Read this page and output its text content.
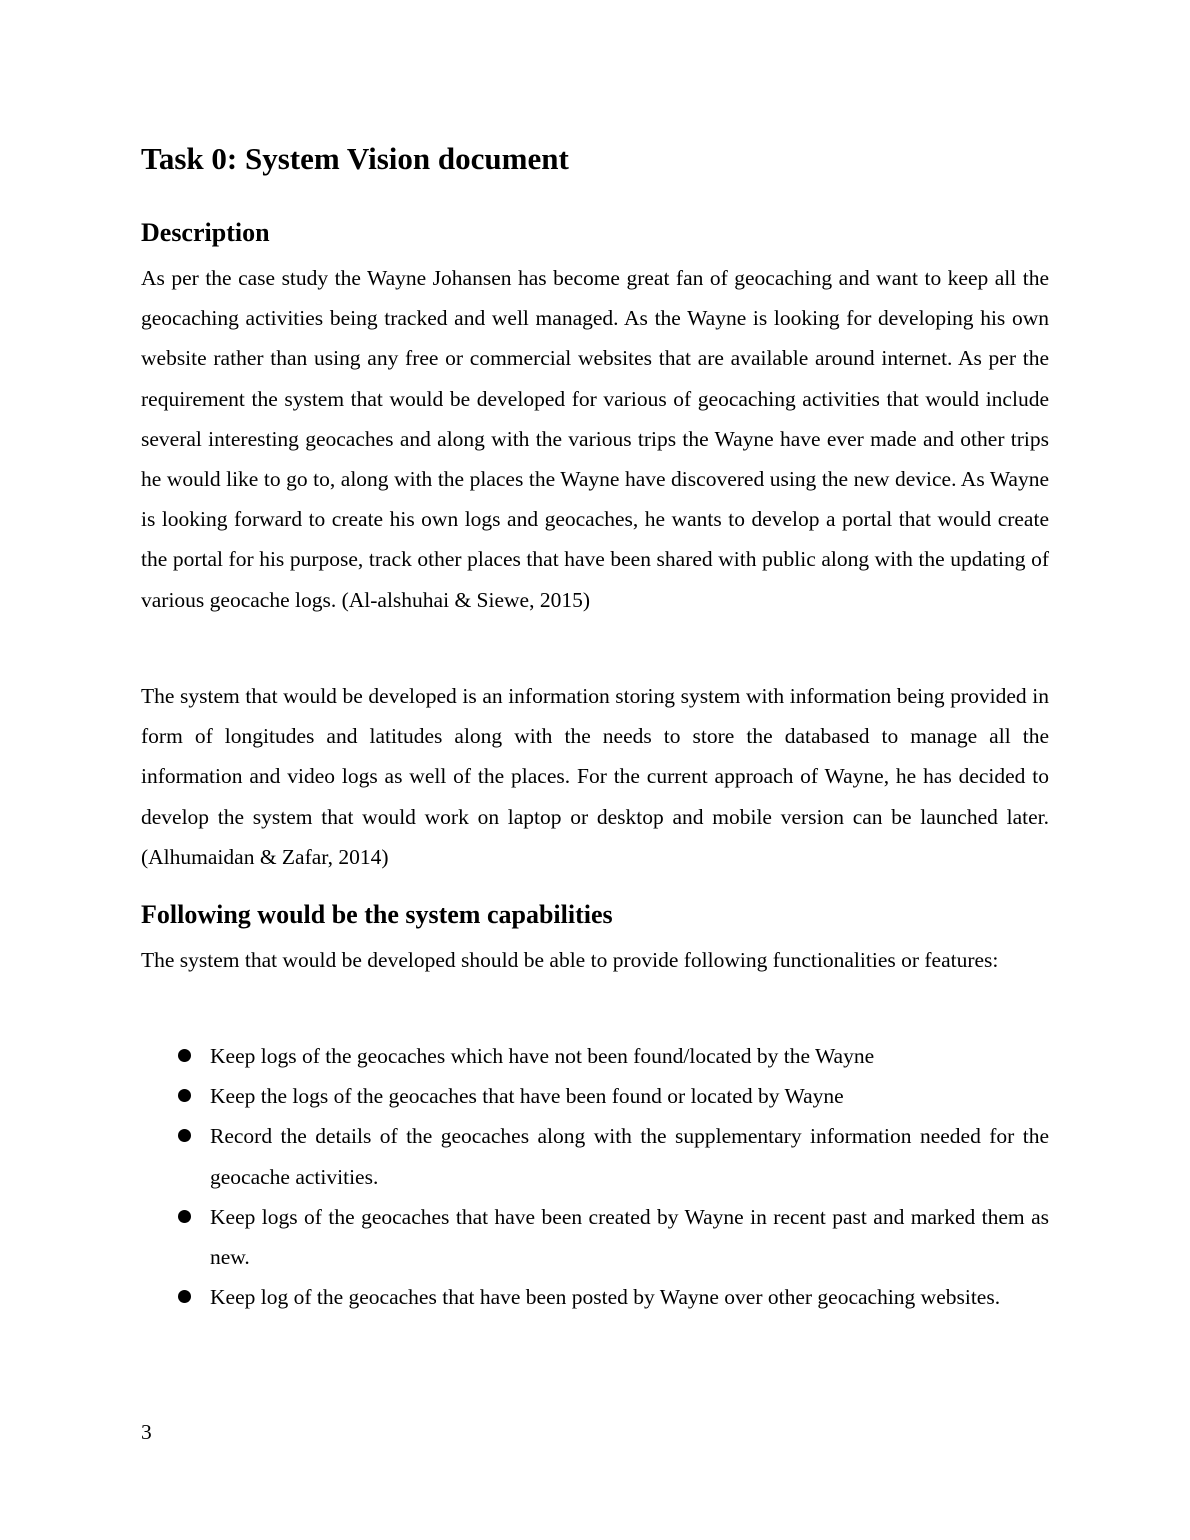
Task 0: System Vision document
Description

As per the case study the Wayne Johansen has become great fan of geocaching and want to keep all the geocaching activities being tracked and well managed. As the Wayne is looking for developing his own website rather than using any free or commercial websites that are available around internet. As per the requirement the system that would be developed for various of geocaching activities that would include several interesting geocaches and along with the various trips the Wayne have ever made and other trips he would like to go to, along with the places the Wayne have discovered using the new device. As Wayne is looking forward to create his own logs and geocaches, he wants to develop a portal that would create the portal for his purpose, track other places that have been shared with public along with the updating of various geocache logs. (Al-alshuhai & Siewe, 2015)

The system that would be developed is an information storing system with information being provided in form of longitudes and latitudes along with the needs to store the databased to manage all the information and video logs as well of the places. For the current approach of Wayne, he has decided to develop the system that would work on laptop or desktop and mobile version can be launched later. (Alhumaidan & Zafar, 2014)

Following would be the system capabilities

The system that would be developed should be able to provide following functionalities or features:

Keep logs of the geocaches which have not been found/located by the Wayne
Keep the logs of the geocaches that have been found or located by Wayne
Record the details of the geocaches along with the supplementary information needed for the geocache activities.
Keep logs of the geocaches that have been created by Wayne in recent past and marked them as new.
Keep log of the geocaches that have been posted by Wayne over other geocaching websites.
3
